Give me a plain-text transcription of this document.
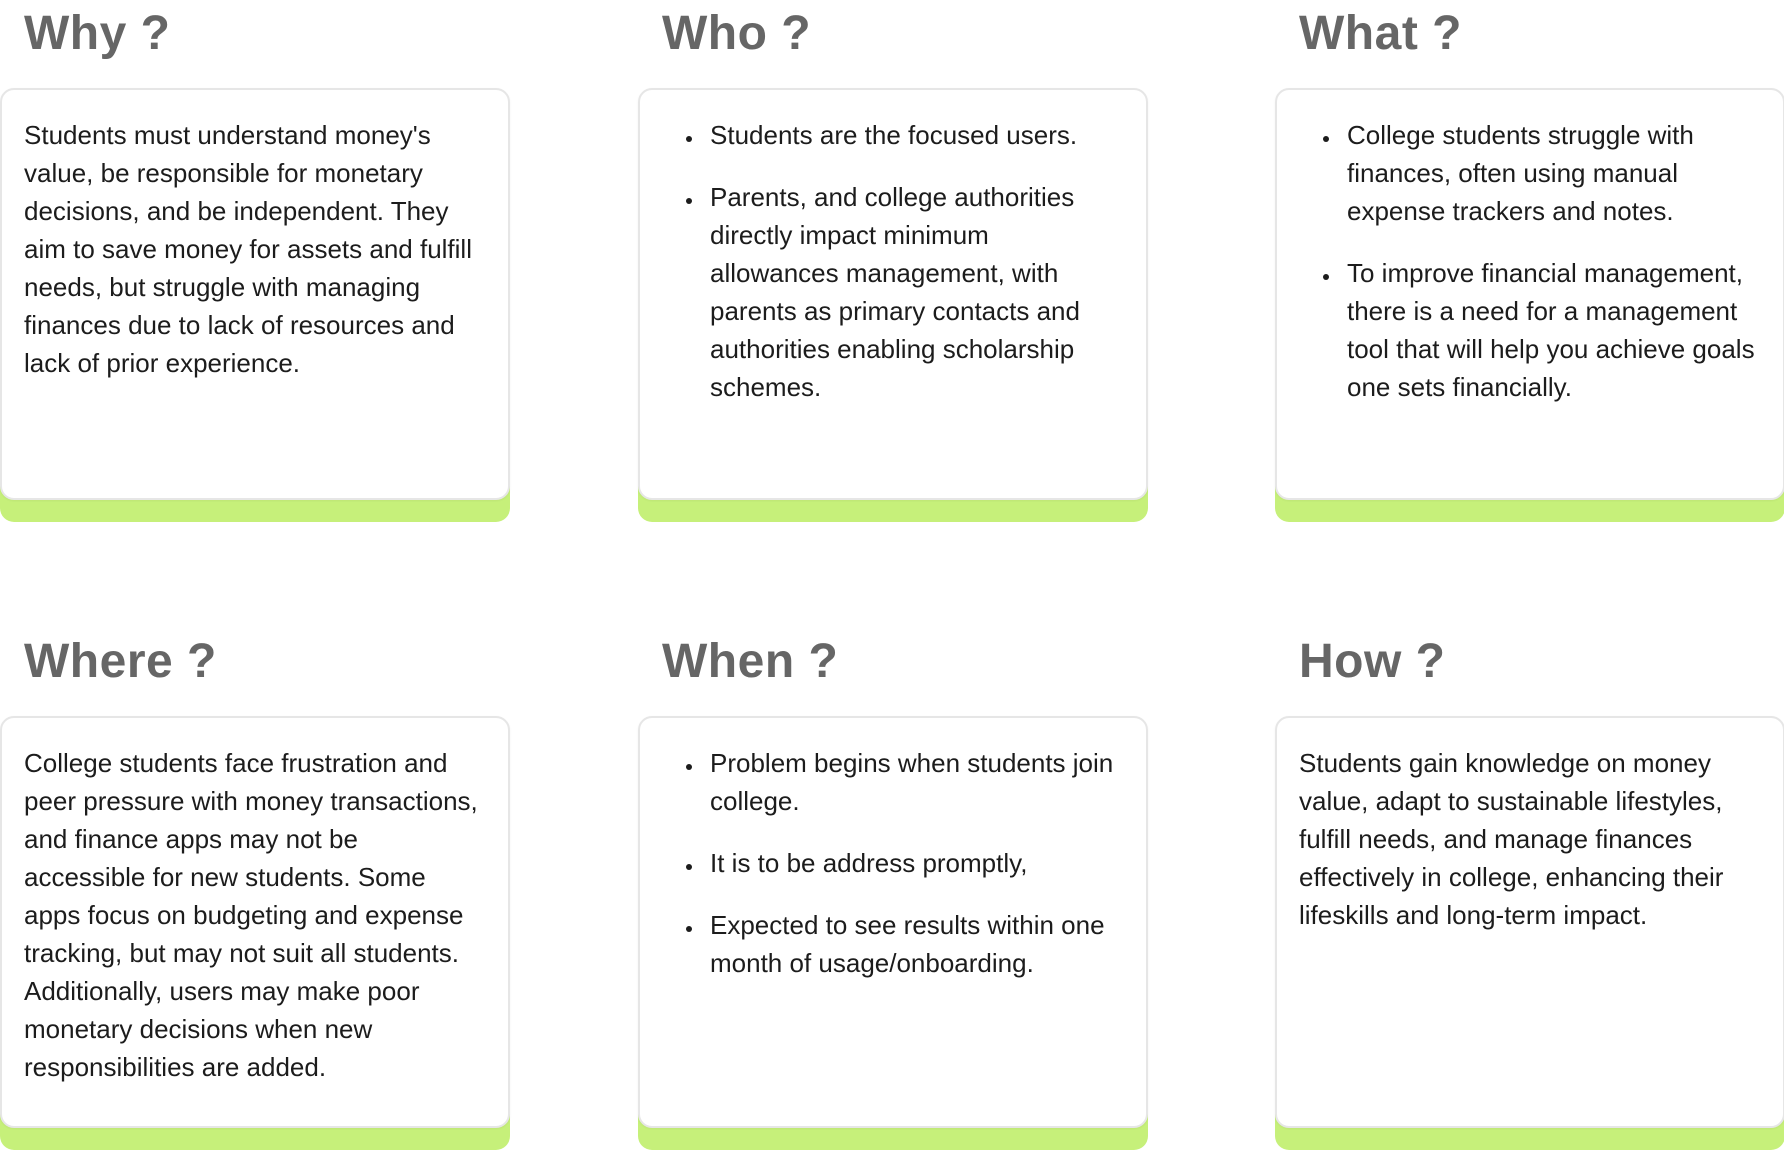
Why ?

Students must understand money's value, be responsible for monetary decisions, and be independent. They aim to save money for assets and fulfill needs, but struggle with managing finances due to lack of resources and lack of prior experience.

Who ?
• Students are the focused users.
• Parents, and college authorities directly impact minimum allowances management, with parents as primary contacts and authorities enabling scholarship schemes.
What ?
• College students struggle with finances, often using manual expense trackers and notes.
• To improve financial management, there is a need for a management tool that will help you achieve goals one sets financially.
Where ?

College students face frustration and peer pressure with money transactions, and finance apps may not be accessible for new students. Some apps focus on budgeting and expense tracking, but may not suit all students. Additionally, users may make poor monetary decisions when new responsibilities are added.

When ?
• Problem begins when students join college.
• It is to be address promptly,
• Expected to see results within one month of usage/onboarding.
How ?

Students gain knowledge on money value, adapt to sustainable lifestyles, fulfill needs, and manage finances effectively in college, enhancing their lifeskills and long-term impact.
